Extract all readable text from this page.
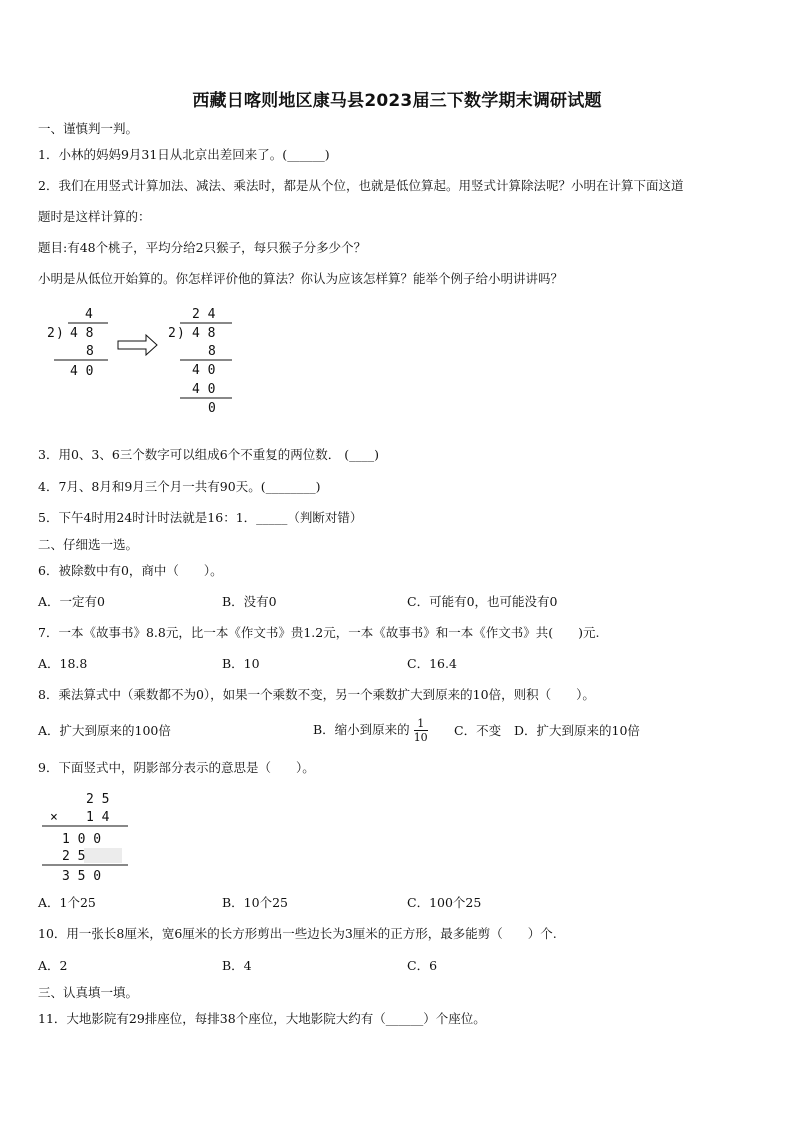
西藏日喀则地区康马县2023届三下数学期末调研试题
一、谨慎判一判。
1．小林的妈妈9月31日从北京出差回来了。(______)
2．我们在用竖式计算加法、减法、乘法时，都是从个位，也就是低位算起。用竖式计算除法呢？小明在计算下面这道
题时是这样计算的：
题目:有48个桃子，平均分给2只猴子，每只猴子分多少个？
小明是从低位开始算的。你怎样评价他的算法？你认为应该怎样算？能举个例子给小明讲讲吗？
4
2 ) 4 8
8
4 0
2 4
2 ) 4 8
8
4 0
4 0
0
3．用0、3、6三个数字可以组成6个不重复的两位数． (____)
4．7月、8月和9月三个月一共有90天。(________)
5．下午4时用24时计时法就是16：1．_____（判断对错）
二、仔细选一选。
6．被除数中有0，商中（　　）。
A．一定有0	B．没有0	C．可能有0，也可能没有0
7．一本《故事书》8.8元，比一本《作文书》贵1.2元，一本《故事书》和一本《作文书》共(　　)元.
A．18.8	B．10	C．16.4
8．乘法算式中（乘数都不为0），如果一个乘数不变，另一个乘数扩大到原来的10倍，则积（　　）。
A．扩大到原来的100倍	B．缩小到原来的 $\frac{1}{10}$ C．不变 D．扩大到原来的10倍
9．下面竖式中，阴影部分表示的意思是（　　）。
2 5
× 1 4
1 0 0
2 5
3 5 0
A．1个25	B．10个25	C．100个25
10．用一张长8厘米，宽6厘米的长方形剪出一些边长为3厘米的正方形，最多能剪（　　）个.
A．2	B．4	C．6
三、认真填一填。
11．大地影院有29排座位，每排38个座位，大地影院大约有（______）个座位。
